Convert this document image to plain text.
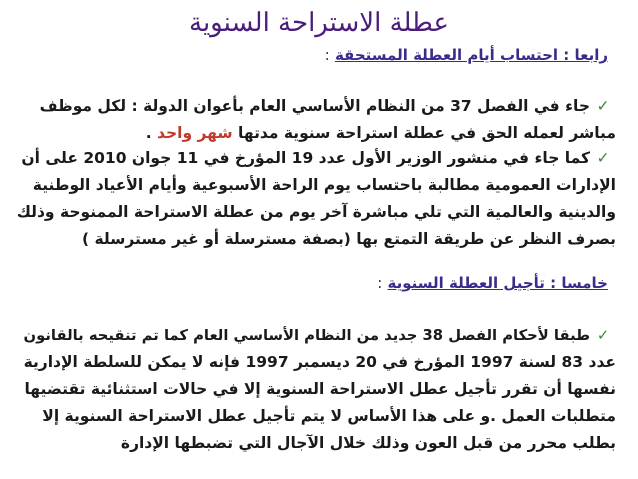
عطلة الاستراحة السنوية
رابعا : احتساب أيام العطلة المستحقة :
✓جاء في الفصل 37 من النظام الأساسي العام بأعوان الدولة : لكل موظف
مباشر لعمله الحق في عطلة استراحة سنوية مدتها شهر واحد .
✓كما جاء في منشور الوزير الأول عدد 19 المؤرخ في 11 جوان 2010 على أن
الإدارات العمومية مطالبة باحتساب يوم الراحة الأسبوعية وأيام الأعياد الوطنية
والدينية والعالمية التي تلي مباشرة آخر يوم من عطلة الاستراحة الممنوحة وذلك
بصرف النظر عن طريقة التمتع بها (بصفة مسترسلة أو غير مسترسلة )
خامسا : تأجيل العطلة السنوية :
✓طبقا لأحكام الفصل 38 جديد من النظام الأساسي العام كما تم تنقيحه بالقانون
عدد 83 لسنة 1997 المؤرخ في 20 ديسمبر 1997 فإنه لا يمكن للسلطة الإدارية
نفسها أن تقرر تأجيل عطل الاستراحة السنوية إلا في حالات استثنائية تقتضيها
متطلبات العمل .و على هذا الأساس لا يتم تأجيل عطل الاستراحة السنوية إلا
بطلب محرر من قبل العون وذلك خلال الآجال التي تضبطها الإدارة
